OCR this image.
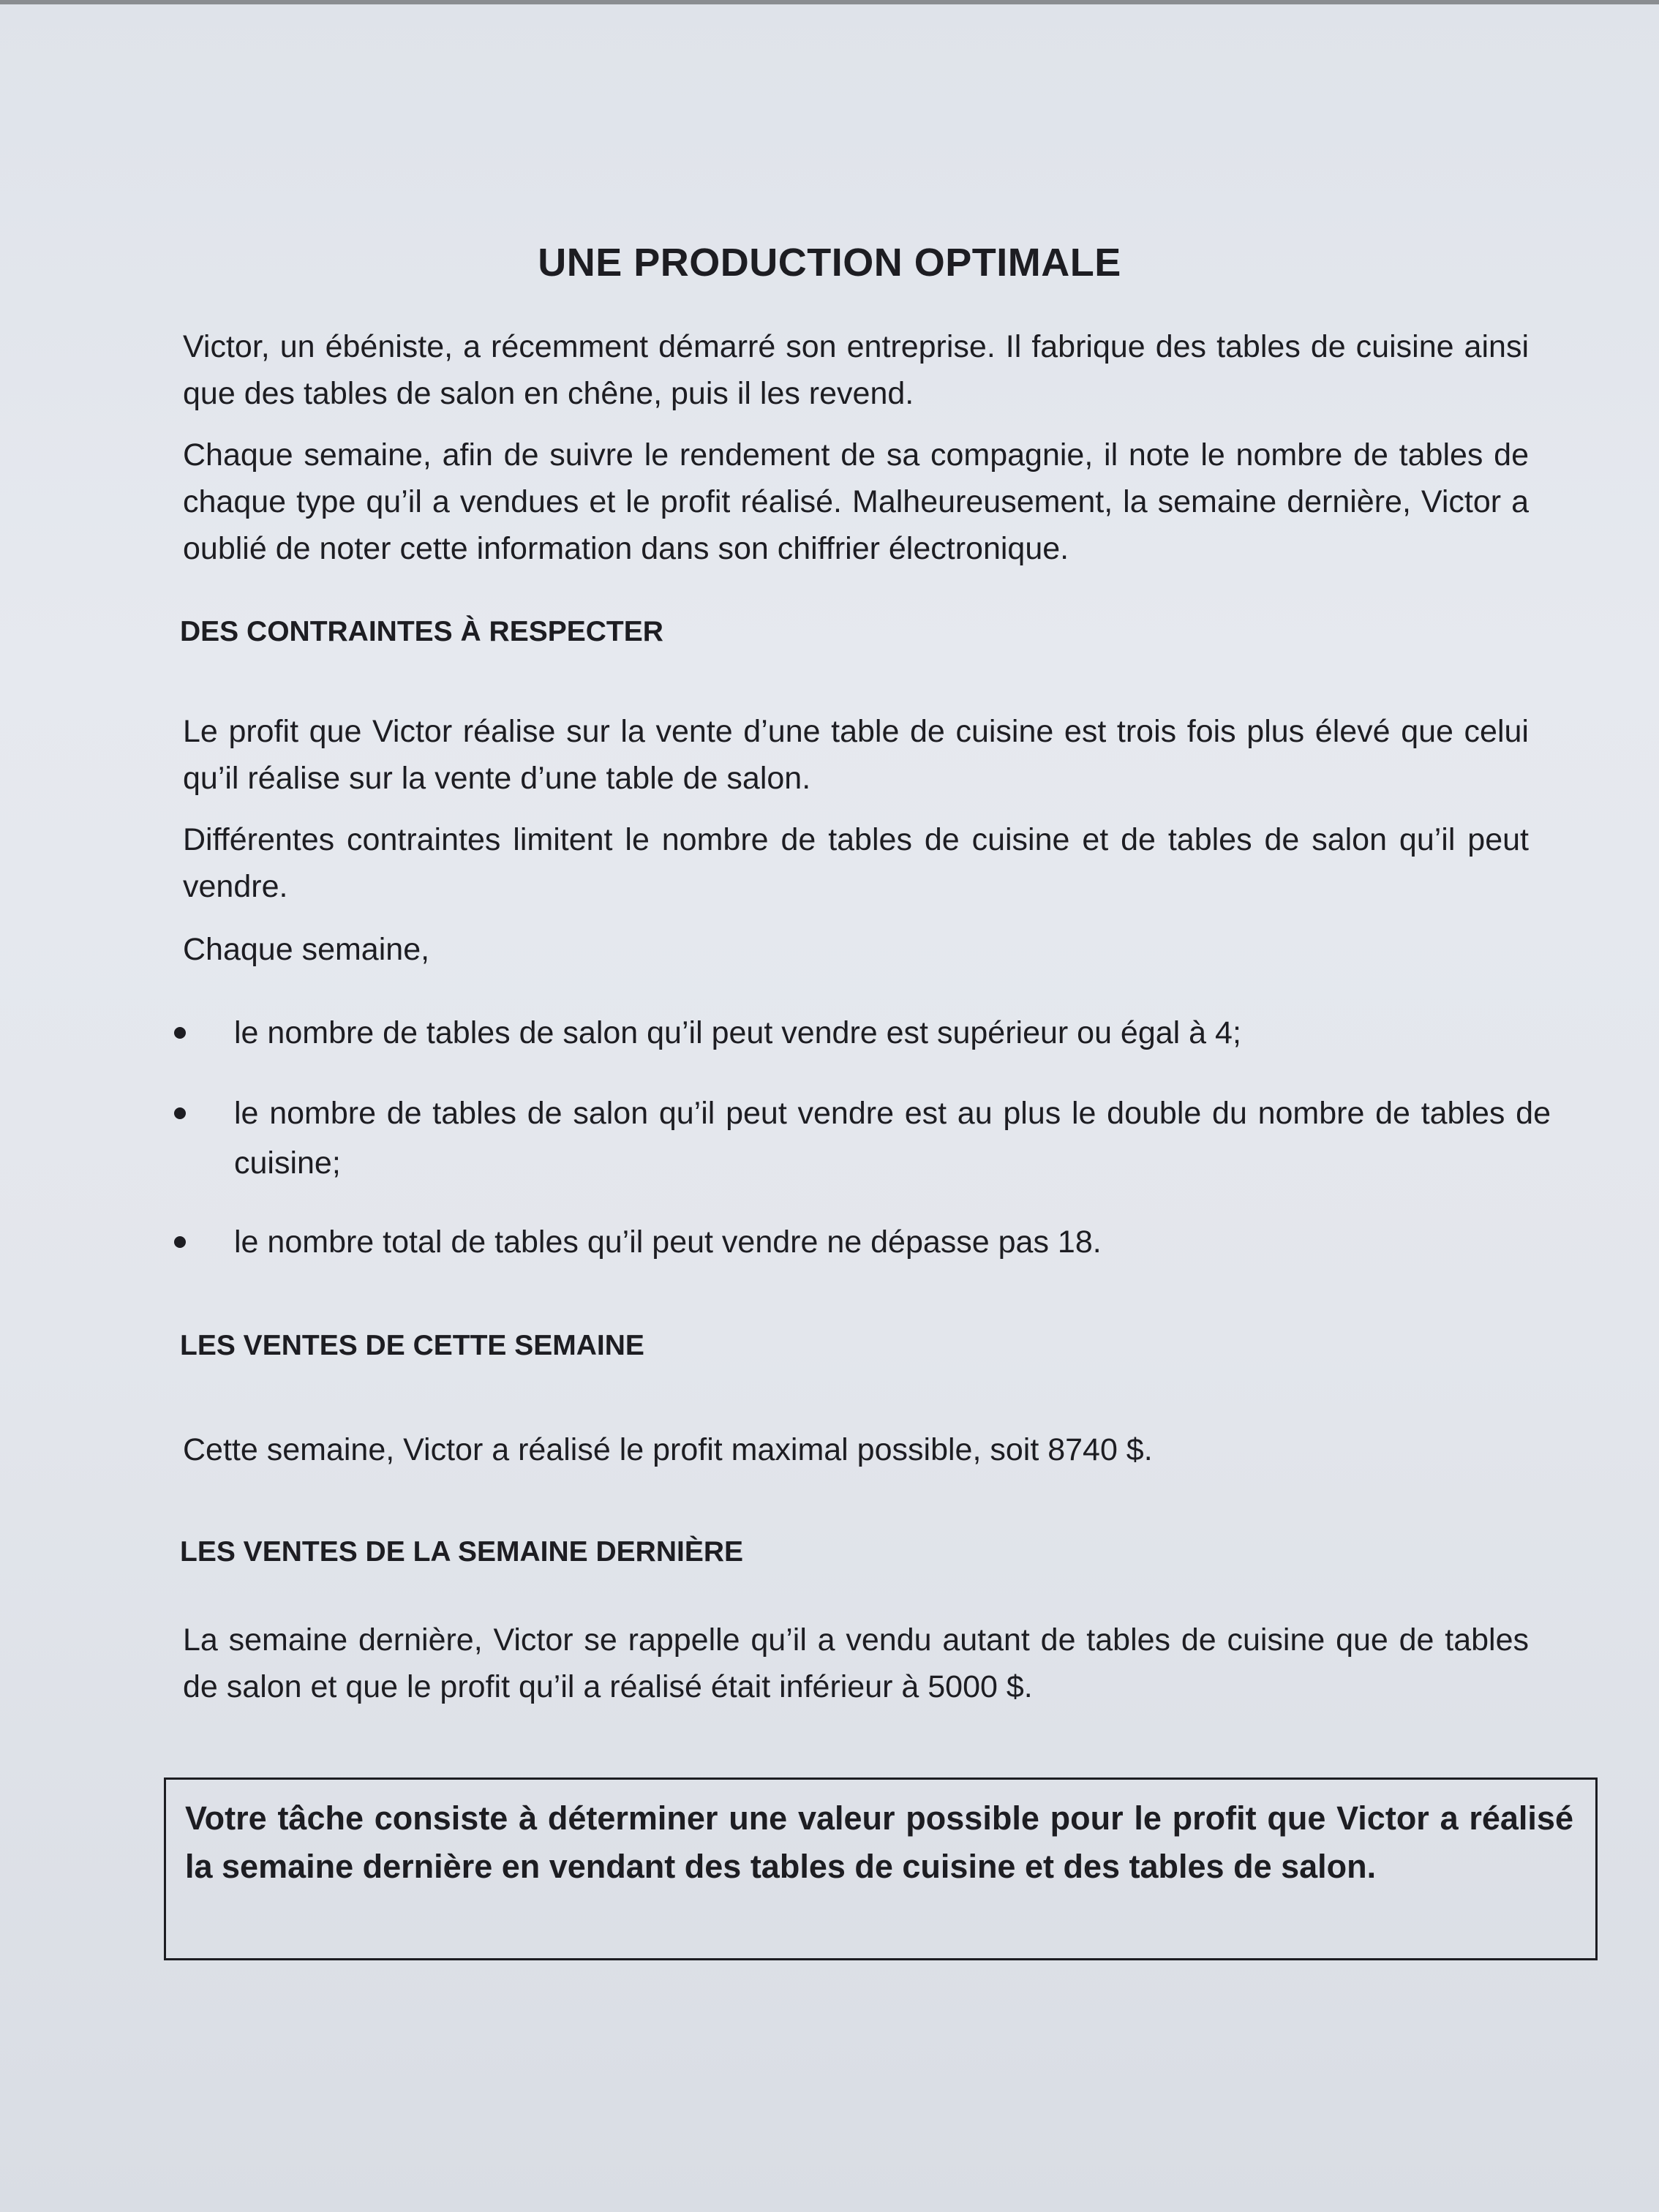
UNE PRODUCTION OPTIMALE

Victor, un ébéniste, a récemment démarré son entreprise. Il fabrique des tables de cuisine ainsi que des tables de salon en chêne, puis il les revend.

Chaque semaine, afin de suivre le rendement de sa compagnie, il note le nombre de tables de chaque type qu’il a vendues et le profit réalisé. Malheureusement, la semaine dernière, Victor a oublié de noter cette information dans son chiffrier électronique.

DES CONTRAINTES À RESPECTER

Le profit que Victor réalise sur la vente d’une table de cuisine est trois fois plus élevé que celui qu’il réalise sur la vente d’une table de salon.

Différentes contraintes limitent le nombre de tables de cuisine et de tables de salon qu’il peut vendre.

Chaque semaine,

le nombre de tables de salon qu’il peut vendre est supérieur ou égal à 4;

le nombre de tables de salon qu’il peut vendre est au plus le double du nombre de tables de cuisine;

le nombre total de tables qu’il peut vendre ne dépasse pas 18.

LES VENTES DE CETTE SEMAINE

Cette semaine, Victor a réalisé le profit maximal possible, soit 8740 $.

LES VENTES DE LA SEMAINE DERNIÈRE

La semaine dernière, Victor se rappelle qu’il a vendu autant de tables de cuisine que de tables de salon et que le profit qu’il a réalisé était inférieur à 5000 $.

Votre tâche consiste à déterminer une valeur possible pour le profit que Victor a réalisé la semaine dernière en vendant des tables de cuisine et des tables de salon.
